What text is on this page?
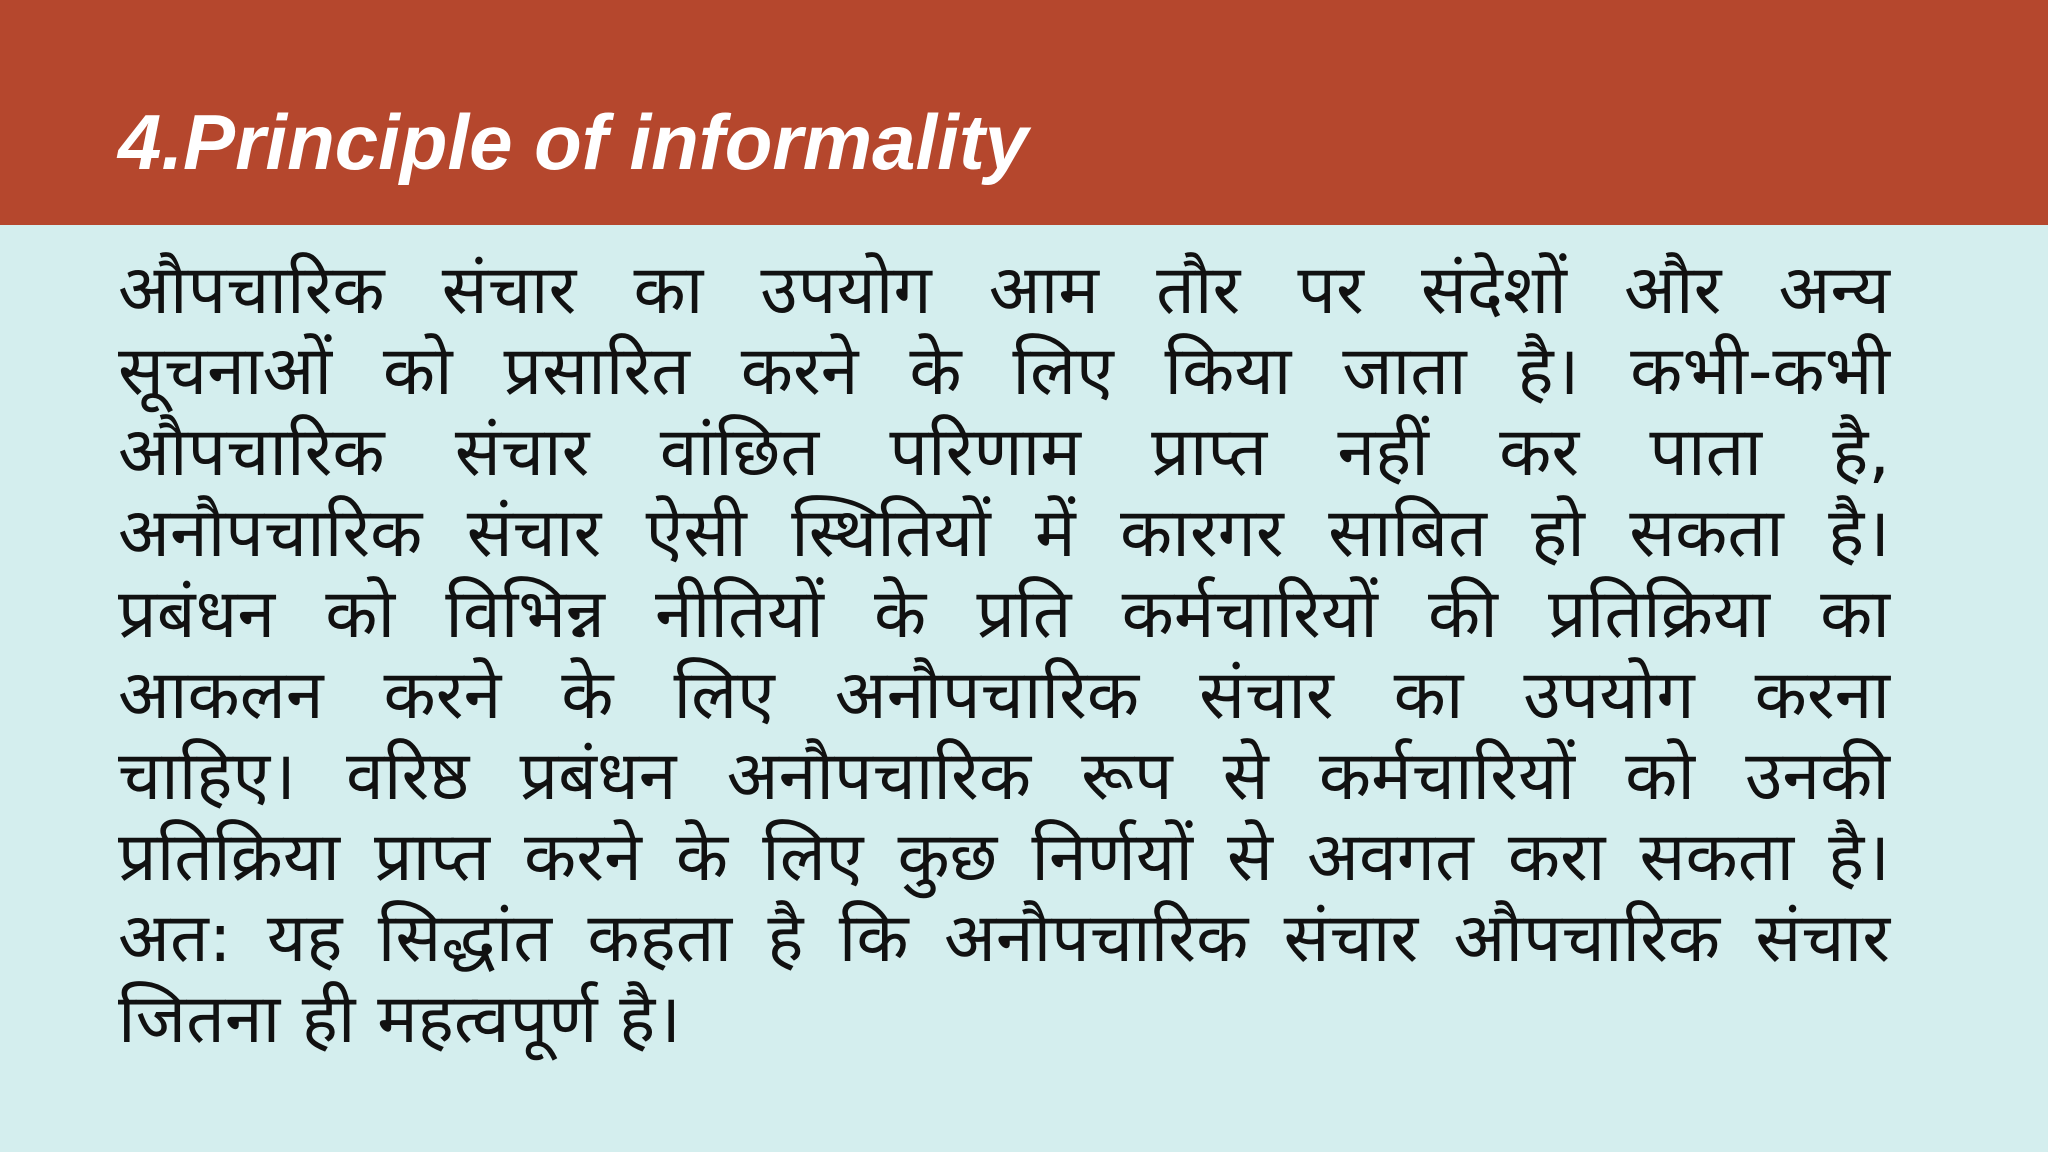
4.Principle of informality
औपचारिक संचार का उपयोग आम तौर पर संदेशों और अन्य
सूचनाओं को प्रसारित करने के लिए किया जाता है। कभी-कभी
औपचारिक संचार वांछित परिणाम प्राप्त नहीं कर पाता है,
अनौपचारिक संचार ऐसी स्थितियों में कारगर साबित हो सकता है।
प्रबंधन को विभिन्न नीतियों के प्रति कर्मचारियों की प्रतिक्रिया का
आकलन करने के लिए अनौपचारिक संचार का उपयोग करना
चाहिए। वरिष्ठ प्रबंधन अनौपचारिक रूप से कर्मचारियों को उनकी
प्रतिक्रिया प्राप्त करने के लिए कुछ निर्णयों से अवगत करा सकता है।
अत: यह सिद्धांत कहता है कि अनौपचारिक संचार औपचारिक संचार
जितना ही महत्वपूर्ण है।
